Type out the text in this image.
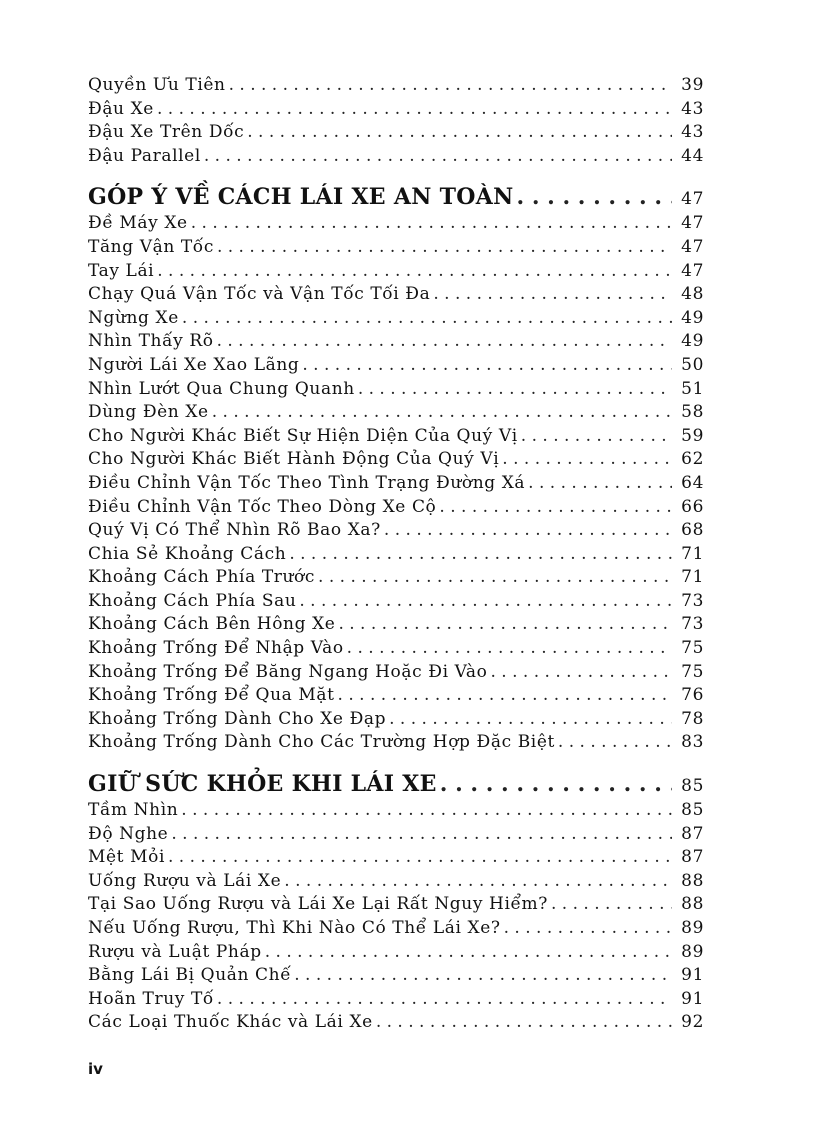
Quyền Ưu Tiên . . .	39
Đậu Xe . . .	43
Đậu Xe Trên Dốc . . .	43
Đậu Parallel . . .	44
GÓP Ý VỀ CÁCH LÁI XE AN TOÀN . . .	47
Đề Máy Xe . . .	47
Tăng Vận Tốc . . .	47
Tay Lái . . .	47
Chạy Quá Vận Tốc và Vận Tốc Tối Đa . . .	48
Ngừng Xe . . .	49
Nhìn Thấy Rõ . . .	49
Người Lái Xe Xao Lãng . . .	50
Nhìn Lướt Qua Chung Quanh . . .	51
Dùng Đèn Xe . . .	58
Cho Người Khác Biết Sự Hiện Diện Của Quý Vị . . .	59
Cho Người Khác Biết Hành Động Của Quý Vị . . .	62
Điều Chỉnh Vận Tốc Theo Tình Trạng Đường Xá . . .	64
Điều Chỉnh Vận Tốc Theo Dòng Xe Cộ . . .	66
Quý Vị Có Thể Nhìn Rõ Bao Xa? . . .	68
Chia Sẻ Khoảng Cách . . .	71
Khoảng Cách Phía Trước . . .	71
Khoảng Cách Phía Sau . . .	73
Khoảng Cách Bên Hông Xe . . .	73
Khoảng Trống Để Nhập Vào . . .	75
Khoảng Trống Để Băng Ngang Hoặc Đi Vào . . .	75
Khoảng Trống Để Qua Mặt . . .	76
Khoảng Trống Dành Cho Xe Đạp . . .	78
Khoảng Trống Dành Cho Các Trường Hợp Đặc Biệt . . .	83
GIỮ SỨC KHỎE KHI LÁI XE . . .	85
Tầm Nhìn . . .	85
Độ Nghe . . .	87
Mệt Mỏi . . .	87
Uống Rượu và Lái Xe . . .	88
Tại Sao Uống Rượu và Lái Xe Lại Rất Nguy Hiểm? . . .	88
Nếu Uống Rượu, Thì Khi Nào Có Thể Lái Xe? . . .	89
Rượu và Luật Pháp . . .	89
Bằng Lái Bị Quản Chế . . .	91
Hoãn Truy Tố . . .	91
Các Loại Thuốc Khác và Lái Xe . . .	92
iv
